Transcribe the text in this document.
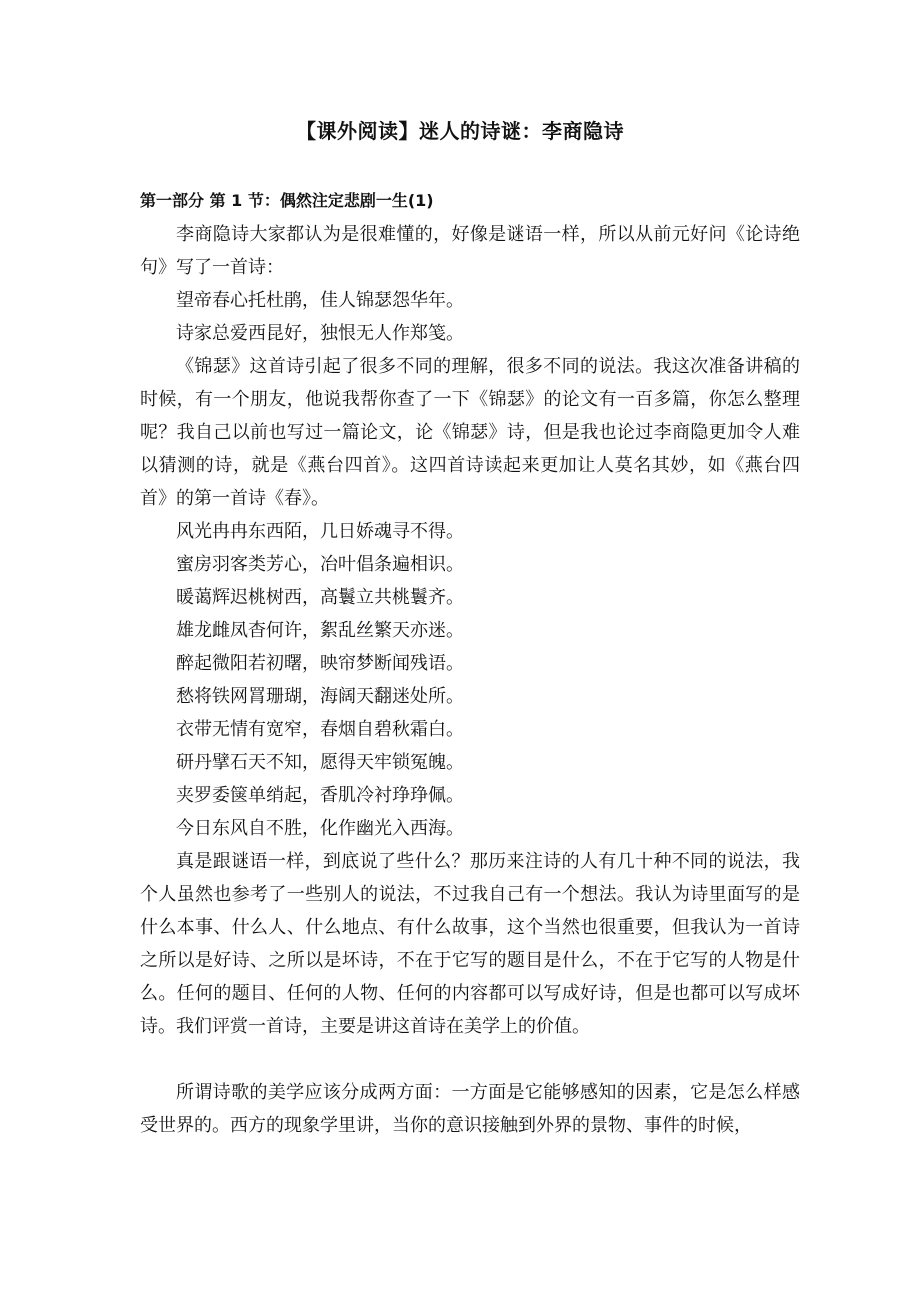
【课外阅读】迷人的诗谜：李商隐诗
第一部分 第 1 节：偶然注定悲剧一生(1)

李商隐诗大家都认为是很难懂的，好像是谜语一样，所以从前元好问《论诗绝句》写了一首诗：

望帝春心托杜鹃，佳人锦瑟怨华年。

诗家总爱西昆好，独恨无人作郑笺。

《锦瑟》这首诗引起了很多不同的理解，很多不同的说法。我这次准备讲稿的时候，有一个朋友，他说我帮你查了一下《锦瑟》的论文有一百多篇，你怎么整理呢？我自己以前也写过一篇论文，论《锦瑟》诗，但是我也论过李商隐更加令人难以猜测的诗，就是《燕台四首》。这四首诗读起来更加让人莫名其妙，如《燕台四首》的第一首诗《春》。

风光冉冉东西陌，几日娇魂寻不得。

蜜房羽客类芳心，冶叶倡条遍相识。

暖蔼辉迟桃树西，高鬟立共桃鬟齐。

雄龙雌凤杳何许，絮乱丝繁天亦迷。

醉起微阳若初曙，映帘梦断闻残语。

愁将铁网罥珊瑚，海阔天翻迷处所。

衣带无情有宽窄，春烟自碧秋霜白。

研丹擘石天不知，愿得天牢锁冤魄。

夹罗委箧单绡起，香肌冷衬琤琤佩。

今日东风自不胜，化作幽光入西海。

真是跟谜语一样，到底说了些什么？那历来注诗的人有几十种不同的说法，我个人虽然也参考了一些别人的说法，不过我自己有一个想法。我认为诗里面写的是什么本事、什么人、什么地点、有什么故事，这个当然也很重要，但我认为一首诗之所以是好诗、之所以是坏诗，不在于它写的题目是什么，不在于它写的人物是什么。任何的题目、任何的人物、任何的内容都可以写成好诗，但是也都可以写成坏诗。我们评赏一首诗，主要是讲这首诗在美学上的价值。

所谓诗歌的美学应该分成两方面：一方面是它能够感知的因素，它是怎么样感受世界的。西方的现象学里讲，当你的意识接触到外界的景物、事件的时候，
